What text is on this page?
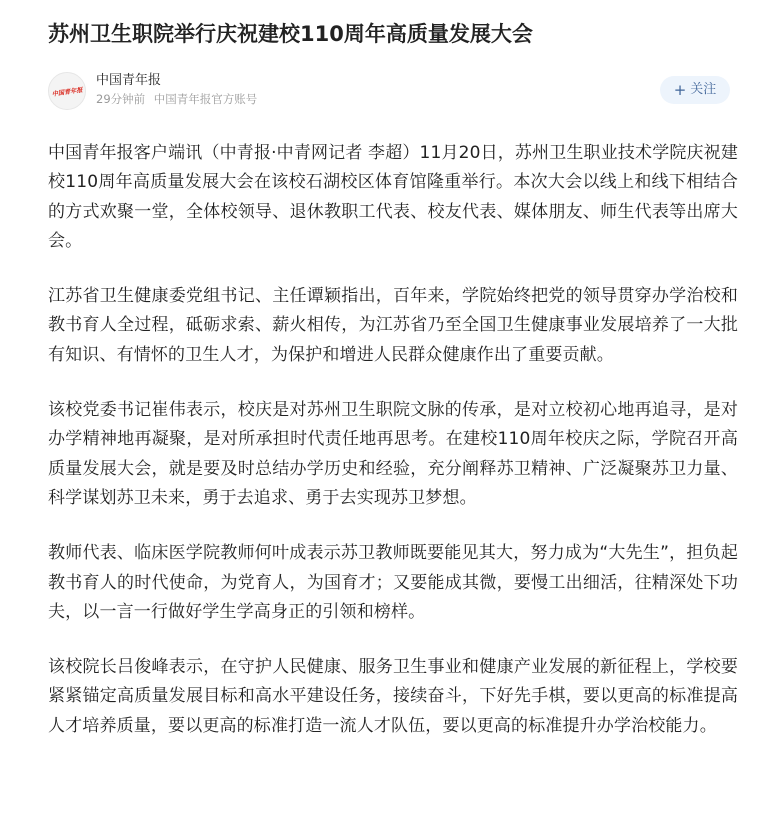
苏州卫生职院举行庆祝建校110周年高质量发展大会
中国青年报
中国青年报
29分钟前 中国青年报官方账号	+ 关注

中国青年报客户端讯（中青报·中青网记者 李超）11月20日，苏州卫生职业技术学院庆祝建校110周年高质量发展大会在该校石湖校区体育馆隆重举行。本次大会以线上和线下相结合的方式欢聚一堂，全体校领导、退休教职工代表、校友代表、媒体朋友、师生代表等出席大会。

江苏省卫生健康委党组书记、主任谭颖指出，百年来，学院始终把党的领导贯穿办学治校和教书育人全过程，砥砺求索、薪火相传，为江苏省乃至全国卫生健康事业发展培养了一大批有知识、有情怀的卫生人才，为保护和增进人民群众健康作出了重要贡献。

该校党委书记崔伟表示，校庆是对苏州卫生职院文脉的传承，是对立校初心地再追寻，是对办学精神地再凝聚，是对所承担时代责任地再思考。在建校110周年校庆之际，学院召开高质量发展大会，就是要及时总结办学历史和经验，充分阐释苏卫精神、广泛凝聚苏卫力量、科学谋划苏卫未来，勇于去追求、勇于去实现苏卫梦想。

教师代表、临床医学院教师何叶成表示苏卫教师既要能见其大，努力成为“大先生”，担负起教书育人的时代使命，为党育人，为国育才；又要能成其微，要慢工出细活，往精深处下功夫，以一言一行做好学生学高身正的引领和榜样。

该校院长吕俊峰表示，在守护人民健康、服务卫生事业和健康产业发展的新征程上，学校要紧紧锚定高质量发展目标和高水平建设任务，接续奋斗，下好先手棋，要以更高的标准提高人才培养质量，要以更高的标准打造一流人才队伍，要以更高的标准提升办学治校能力。
